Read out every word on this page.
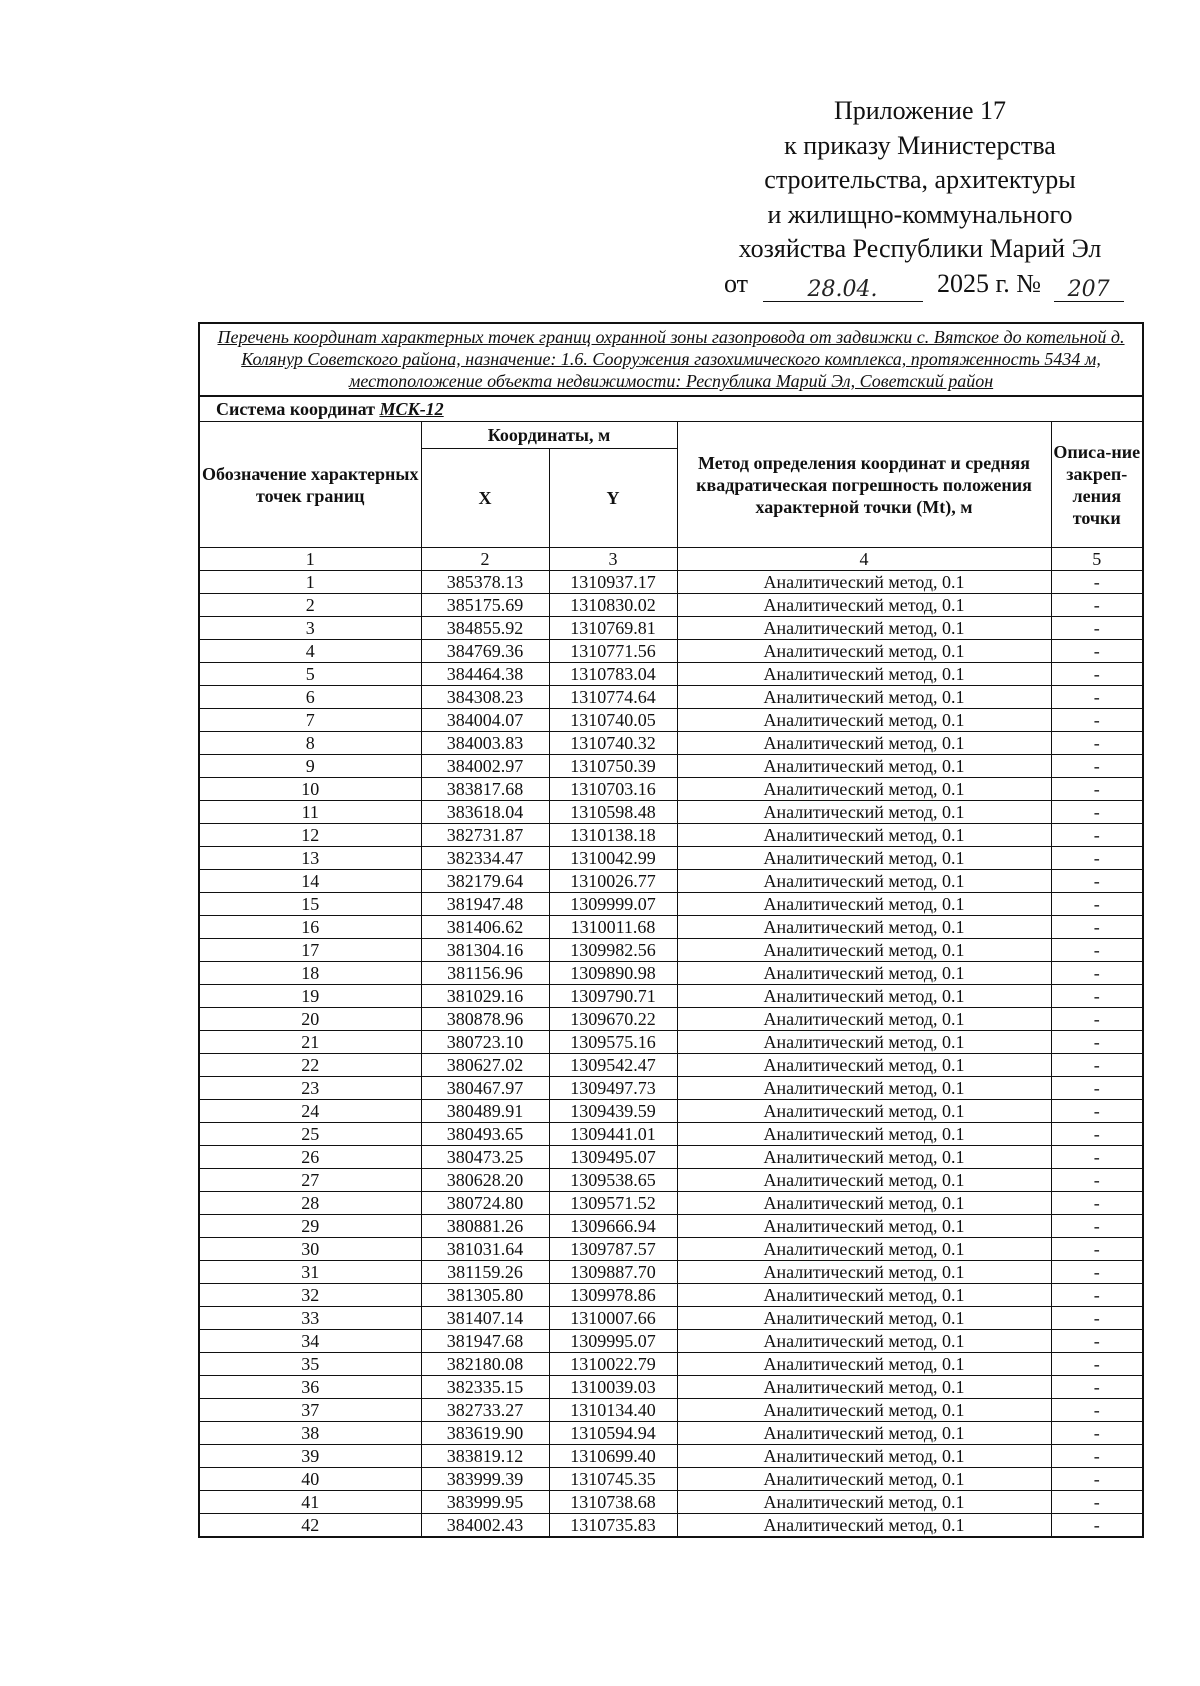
Приложение 17
к приказу Министерства
строительства, архитектуры
и жилищно-коммунального
хозяйства Республики Марий Эл
от	28.04. 2025 г. № 207
Перечень координат характерных точек границ охранной зоны газопровода от задвижки с. Вятское до котельной д. Колянур Советского района, назначение: 1.6. Сооружения газохимического комплекса, протяженность 5434 м, местоположение объекта недвижимости: Республика Марий Эл, Советский район				
Система координат МСК-12				
Обозначение характерных точек границ	Координаты, м		Метод определения координат и средняя квадратическая погрешность положения характерной точки (Mt), м	Описа-ние закреп-ления точки
	X	Y		
1	2	3	4	5
1	385378.13	1310937.17	Аналитический метод, 0.1	-
2	385175.69	1310830.02	Аналитический метод, 0.1	-
3	384855.92	1310769.81	Аналитический метод, 0.1	-
4	384769.36	1310771.56	Аналитический метод, 0.1	-
5	384464.38	1310783.04	Аналитический метод, 0.1	-
6	384308.23	1310774.64	Аналитический метод, 0.1	-
7	384004.07	1310740.05	Аналитический метод, 0.1	-
8	384003.83	1310740.32	Аналитический метод, 0.1	-
9	384002.97	1310750.39	Аналитический метод, 0.1	-
10	383817.68	1310703.16	Аналитический метод, 0.1	-
11	383618.04	1310598.48	Аналитический метод, 0.1	-
12	382731.87	1310138.18	Аналитический метод, 0.1	-
13	382334.47	1310042.99	Аналитический метод, 0.1	-
14	382179.64	1310026.77	Аналитический метод, 0.1	-
15	381947.48	1309999.07	Аналитический метод, 0.1	-
16	381406.62	1310011.68	Аналитический метод, 0.1	-
17	381304.16	1309982.56	Аналитический метод, 0.1	-
18	381156.96	1309890.98	Аналитический метод, 0.1	-
19	381029.16	1309790.71	Аналитический метод, 0.1	-
20	380878.96	1309670.22	Аналитический метод, 0.1	-
21	380723.10	1309575.16	Аналитический метод, 0.1	-
22	380627.02	1309542.47	Аналитический метод, 0.1	-
23	380467.97	1309497.73	Аналитический метод, 0.1	-
24	380489.91	1309439.59	Аналитический метод, 0.1	-
25	380493.65	1309441.01	Аналитический метод, 0.1	-
26	380473.25	1309495.07	Аналитический метод, 0.1	-
27	380628.20	1309538.65	Аналитический метод, 0.1	-
28	380724.80	1309571.52	Аналитический метод, 0.1	-
29	380881.26	1309666.94	Аналитический метод, 0.1	-
30	381031.64	1309787.57	Аналитический метод, 0.1	-
31	381159.26	1309887.70	Аналитический метод, 0.1	-
32	381305.80	1309978.86	Аналитический метод, 0.1	-
33	381407.14	1310007.66	Аналитический метод, 0.1	-
34	381947.68	1309995.07	Аналитический метод, 0.1	-
35	382180.08	1310022.79	Аналитический метод, 0.1	-
36	382335.15	1310039.03	Аналитический метод, 0.1	-
37	382733.27	1310134.40	Аналитический метод, 0.1	-
38	383619.90	1310594.94	Аналитический метод, 0.1	-
39	383819.12	1310699.40	Аналитический метод, 0.1	-
40	383999.39	1310745.35	Аналитический метод, 0.1	-
41	383999.95	1310738.68	Аналитический метод, 0.1	-
42	384002.43	1310735.83	Аналитический метод, 0.1	-
